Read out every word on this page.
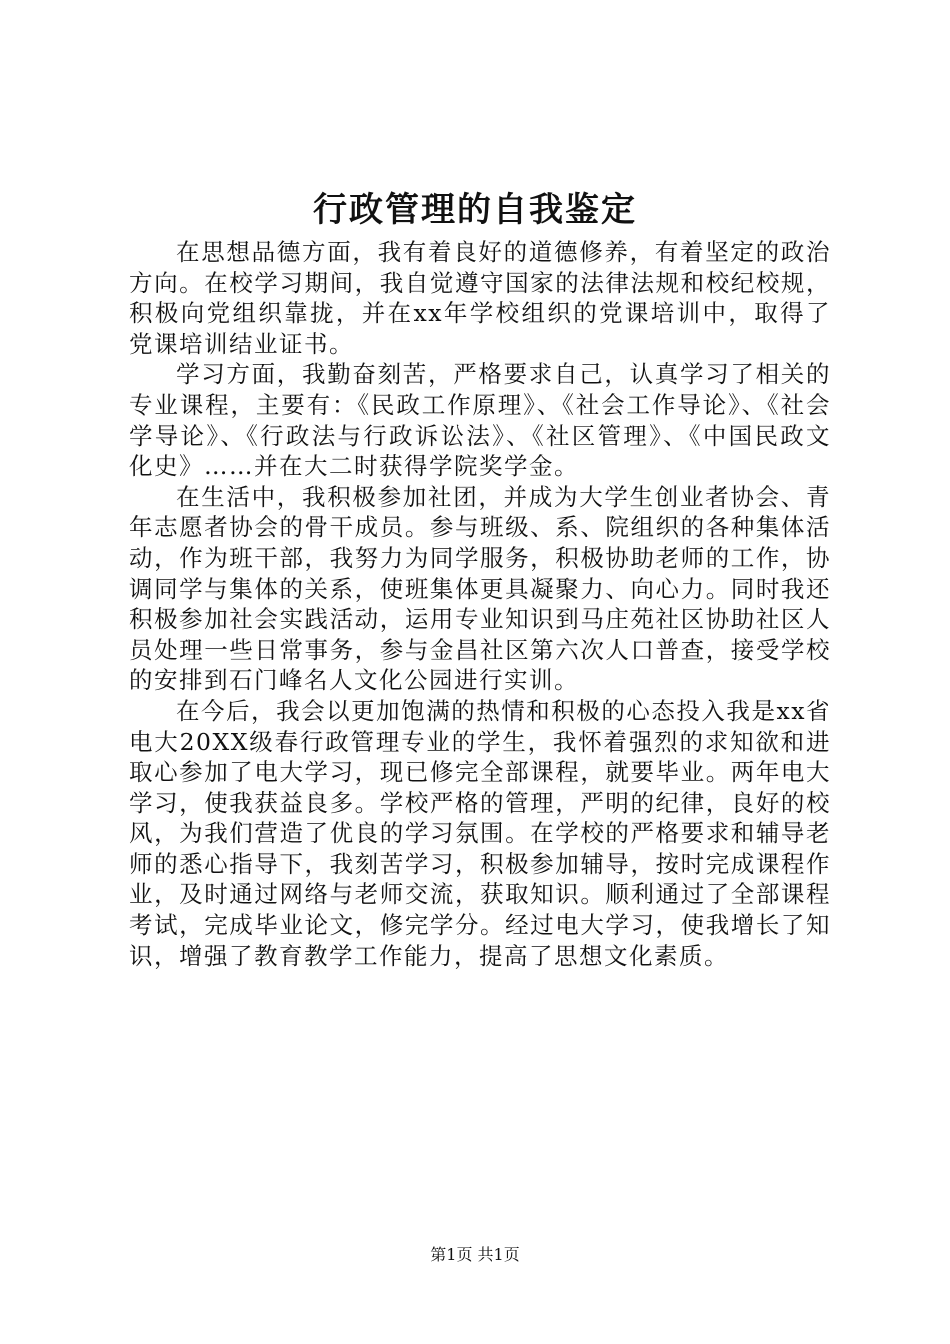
行政管理的自我鉴定

在思想品德方面，我有着良好的道德修养，有着坚定的政治方向。在校学习期间，我自觉遵守国家的法律法规和校纪校规，积极向党组织靠拢，并在xx年学校组织的党课培训中，取得了党课培训结业证书。

学习方面，我勤奋刻苦，严格要求自己，认真学习了相关的专业课程，主要有：《民政工作原理》、《社会工作导论》、《社会学导论》、《行政法与行政诉讼法》、《社区管理》、《中国民政文化史》……并在大二时获得学院奖学金。

在生活中，我积极参加社团，并成为大学生创业者协会、青年志愿者协会的骨干成员。参与班级、系、院组织的各种集体活动，作为班干部，我努力为同学服务，积极协助老师的工作，协调同学与集体的关系，使班集体更具凝聚力、向心力。同时我还积极参加社会实践活动，运用专业知识到马庄苑社区协助社区人员处理一些日常事务，参与金昌社区第六次人口普查，接受学校的安排到石门峰名人文化公园进行实训。

在今后，我会以更加饱满的热情和积极的心态投入我是xx省电大20XX级春行政管理专业的学生，我怀着强烈的求知欲和进取心参加了电大学习，现已修完全部课程，就要毕业。两年电大学习，使我获益良多。学校严格的管理，严明的纪律，良好的校风，为我们营造了优良的学习氛围。在学校的严格要求和辅导老师的悉心指导下，我刻苦学习，积极参加辅导，按时完成课程作业，及时通过网络与老师交流，获取知识。顺利通过了全部课程考试，完成毕业论文，修完学分。经过电大学习，使我增长了知识，增强了教育教学工作能力，提高了思想文化素质。

第1页 共1页
